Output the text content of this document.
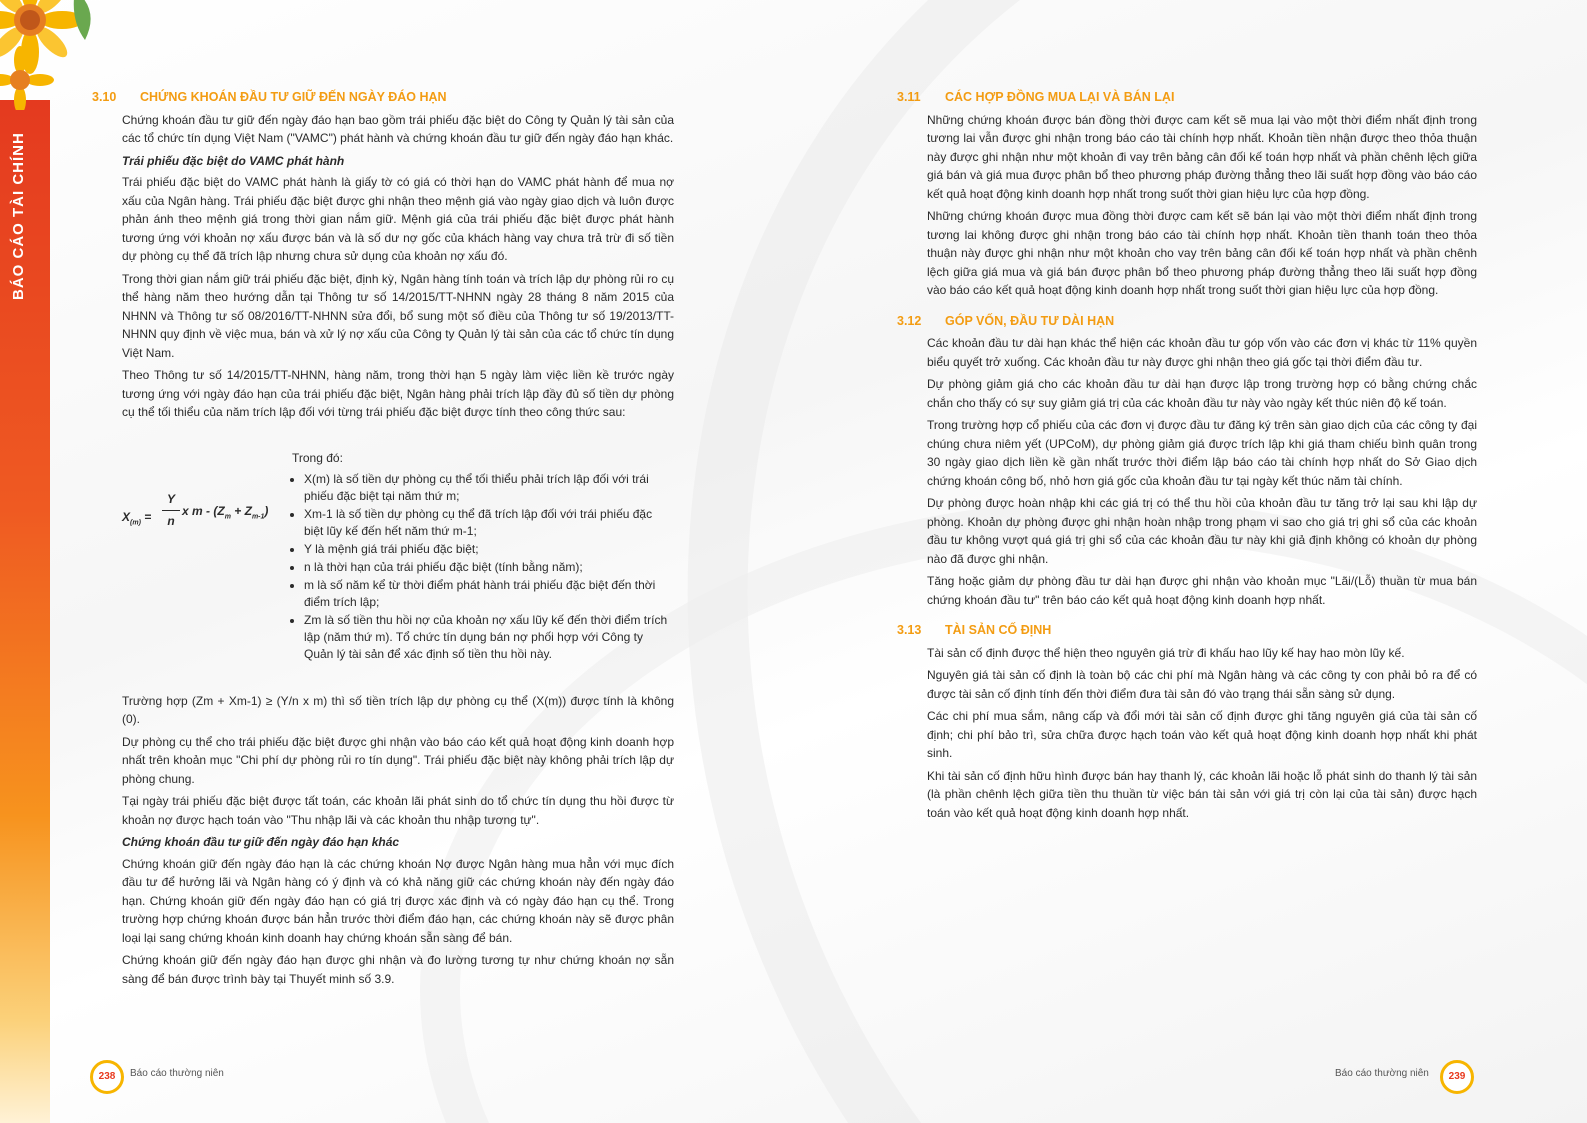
BÁO CÁO TÀI CHÍNH
3.10 CHỨNG KHOÁN ĐẦU TƯ GIỮ ĐẾN NGÀY ĐÁO HẠN

Chứng khoán đầu tư giữ đến ngày đáo hạn bao gồm trái phiếu đặc biệt do Công ty Quản lý tài sản của các tổ chức tín dụng Việt Nam ("VAMC") phát hành và chứng khoán đầu tư giữ đến ngày đáo hạn khác.

Trái phiếu đặc biệt do VAMC phát hành

Trái phiếu đặc biệt do VAMC phát hành là giấy tờ có giá có thời hạn do VAMC phát hành để mua nợ xấu của Ngân hàng. Trái phiếu đặc biệt được ghi nhận theo mệnh giá vào ngày giao dịch và luôn được phản ánh theo mệnh giá trong thời gian nắm giữ. Mệnh giá của trái phiếu đặc biệt được phát hành tương ứng với khoản nợ xấu được bán và là số dư nợ gốc của khách hàng vay chưa trả trừ đi số tiền dự phòng cụ thể đã trích lập nhưng chưa sử dụng của khoản nợ xấu đó.

Trong thời gian nắm giữ trái phiếu đặc biệt, định kỳ, Ngân hàng tính toán và trích lập dự phòng rủi ro cụ thể hàng năm theo hướng dẫn tại Thông tư số 14/2015/TT-NHNN ngày 28 tháng 8 năm 2015 của NHNN và Thông tư số 08/2016/TT-NHNN sửa đổi, bổ sung một số điều của Thông tư số 19/2013/TT-NHNN quy định về việc mua, bán và xử lý nợ xấu của Công ty Quản lý tài sản của các tổ chức tín dụng Việt Nam.

Theo Thông tư số 14/2015/TT-NHNN, hàng năm, trong thời hạn 5 ngày làm việc liền kề trước ngày tương ứng với ngày đáo hạn của trái phiếu đặc biệt, Ngân hàng phải trích lập đầy đủ số tiền dự phòng cụ thể tối thiểu của năm trích lập đối với từng trái phiếu đặc biệt được tính theo công thức sau:

$X_{(m)}$ =
Y
n
x $m - (Z_m + Z_{m-1})$
Trong đó:
• X(m) là số tiền dự phòng cụ thể tối thiểu phải trích lập đối với trái phiếu đặc biệt tại năm thứ m;
• Xm-1 là số tiền dự phòng cụ thể đã trích lập đối với trái phiếu đặc biệt lũy kế đến hết năm thứ m-1;
• Y là mệnh giá trái phiếu đặc biệt;
• n là thời hạn của trái phiếu đặc biệt (tính bằng năm);
• m là số năm kể từ thời điểm phát hành trái phiếu đặc biệt đến thời điểm trích lập;
• Zm là số tiền thu hồi nợ của khoản nợ xấu lũy kế đến thời điểm trích lập (năm thứ m). Tổ chức tín dụng bán nợ phối hợp với Công ty Quản lý tài sản để xác định số tiền thu hồi này.

Trường hợp (Zm + Xm-1) ≥ (Y/n x m) thì số tiền trích lập dự phòng cụ thể (X(m)) được tính là không (0).

Dự phòng cụ thể cho trái phiếu đặc biệt được ghi nhận vào báo cáo kết quả hoạt động kinh doanh hợp nhất trên khoản mục "Chi phí dự phòng rủi ro tín dụng". Trái phiếu đặc biệt này không phải trích lập dự phòng chung.

Tại ngày trái phiếu đặc biệt được tất toán, các khoản lãi phát sinh do tổ chức tín dụng thu hồi được từ khoản nợ được hạch toán vào "Thu nhập lãi và các khoản thu nhập tương tự".

Chứng khoán đầu tư giữ đến ngày đáo hạn khác

Chứng khoán giữ đến ngày đáo hạn là các chứng khoán Nợ được Ngân hàng mua hẳn với mục đích đầu tư để hưởng lãi và Ngân hàng có ý định và có khả năng giữ các chứng khoán này đến ngày đáo hạn. Chứng khoán giữ đến ngày đáo hạn có giá trị được xác định và có ngày đáo hạn cụ thể. Trong trường hợp chứng khoán được bán hẳn trước thời điểm đáo hạn, các chứng khoán này sẽ được phân loại lại sang chứng khoán kinh doanh hay chứng khoán sẵn sàng để bán.

Chứng khoán giữ đến ngày đáo hạn được ghi nhận và đo lường tương tự như chứng khoán nợ sẵn sàng để bán được trình bày tại Thuyết minh số 3.9.

3.11 CÁC HỢP ĐỒNG MUA LẠI VÀ BÁN LẠI

Những chứng khoán được bán đồng thời được cam kết sẽ mua lại vào một thời điểm nhất định trong tương lai vẫn được ghi nhận trong báo cáo tài chính hợp nhất. Khoản tiền nhận được theo thỏa thuận này được ghi nhận như một khoản đi vay trên bảng cân đối kế toán hợp nhất và phần chênh lệch giữa giá bán và giá mua được phân bổ theo phương pháp đường thẳng theo lãi suất hợp đồng vào báo cáo kết quả hoạt động kinh doanh hợp nhất trong suốt thời gian hiệu lực của hợp đồng.

Những chứng khoán được mua đồng thời được cam kết sẽ bán lại vào một thời điểm nhất định trong tương lai không được ghi nhận trong báo cáo tài chính hợp nhất. Khoản tiền thanh toán theo thỏa thuận này được ghi nhận như một khoản cho vay trên bảng cân đối kế toán hợp nhất và phần chênh lệch giữa giá mua và giá bán được phân bổ theo phương pháp đường thẳng theo lãi suất hợp đồng vào báo cáo kết quả hoạt động kinh doanh hợp nhất trong suốt thời gian hiệu lực của hợp đồng.

3.12 GÓP VỐN, ĐẦU TƯ DÀI HẠN

Các khoản đầu tư dài hạn khác thể hiện các khoản đầu tư góp vốn vào các đơn vị khác từ 11% quyền biểu quyết trở xuống. Các khoản đầu tư này được ghi nhận theo giá gốc tại thời điểm đầu tư.

Dự phòng giảm giá cho các khoản đầu tư dài hạn được lập trong trường hợp có bằng chứng chắc chắn cho thấy có sự suy giảm giá trị của các khoản đầu tư này vào ngày kết thúc niên độ kế toán.

Trong trường hợp cổ phiếu của các đơn vị được đầu tư đăng ký trên sàn giao dịch của các công ty đại chúng chưa niêm yết (UPCoM), dự phòng giảm giá được trích lập khi giá tham chiếu bình quân trong 30 ngày giao dịch liền kề gần nhất trước thời điểm lập báo cáo tài chính hợp nhất do Sở Giao dịch chứng khoán công bố, nhỏ hơn giá gốc của khoản đầu tư tại ngày kết thúc năm tài chính.

Dự phòng được hoàn nhập khi các giá trị có thể thu hồi của khoản đầu tư tăng trở lại sau khi lập dự phòng. Khoản dự phòng được ghi nhận hoàn nhập trong phạm vi sao cho giá trị ghi sổ của các khoản đầu tư không vượt quá giá trị ghi sổ của các khoản đầu tư này khi giả định không có khoản dự phòng nào đã được ghi nhận.

Tăng hoặc giảm dự phòng đầu tư dài hạn được ghi nhận vào khoản mục "Lãi/(Lỗ) thuần từ mua bán chứng khoán đầu tư" trên báo cáo kết quả hoạt động kinh doanh hợp nhất.

3.13 TÀI SẢN CỐ ĐỊNH

Tài sản cố định được thể hiện theo nguyên giá trừ đi khấu hao lũy kế hay hao mòn lũy kế.

Nguyên giá tài sản cố định là toàn bộ các chi phí mà Ngân hàng và các công ty con phải bỏ ra để có được tài sản cố định tính đến thời điểm đưa tài sản đó vào trạng thái sẵn sàng sử dụng.

Các chi phí mua sắm, nâng cấp và đổi mới tài sản cố định được ghi tăng nguyên giá của tài sản cố định; chi phí bảo trì, sửa chữa được hạch toán vào kết quả hoạt động kinh doanh hợp nhất khi phát sinh.

Khi tài sản cố định hữu hình được bán hay thanh lý, các khoản lãi hoặc lỗ phát sinh do thanh lý tài sản (là phần chênh lệch giữa tiền thu thuần từ việc bán tài sản với giá trị còn lại của tài sản) được hạch toán vào kết quả hoạt động kinh doanh hợp nhất.

238	Báo cáo thường niên	Báo cáo thường niên	239
